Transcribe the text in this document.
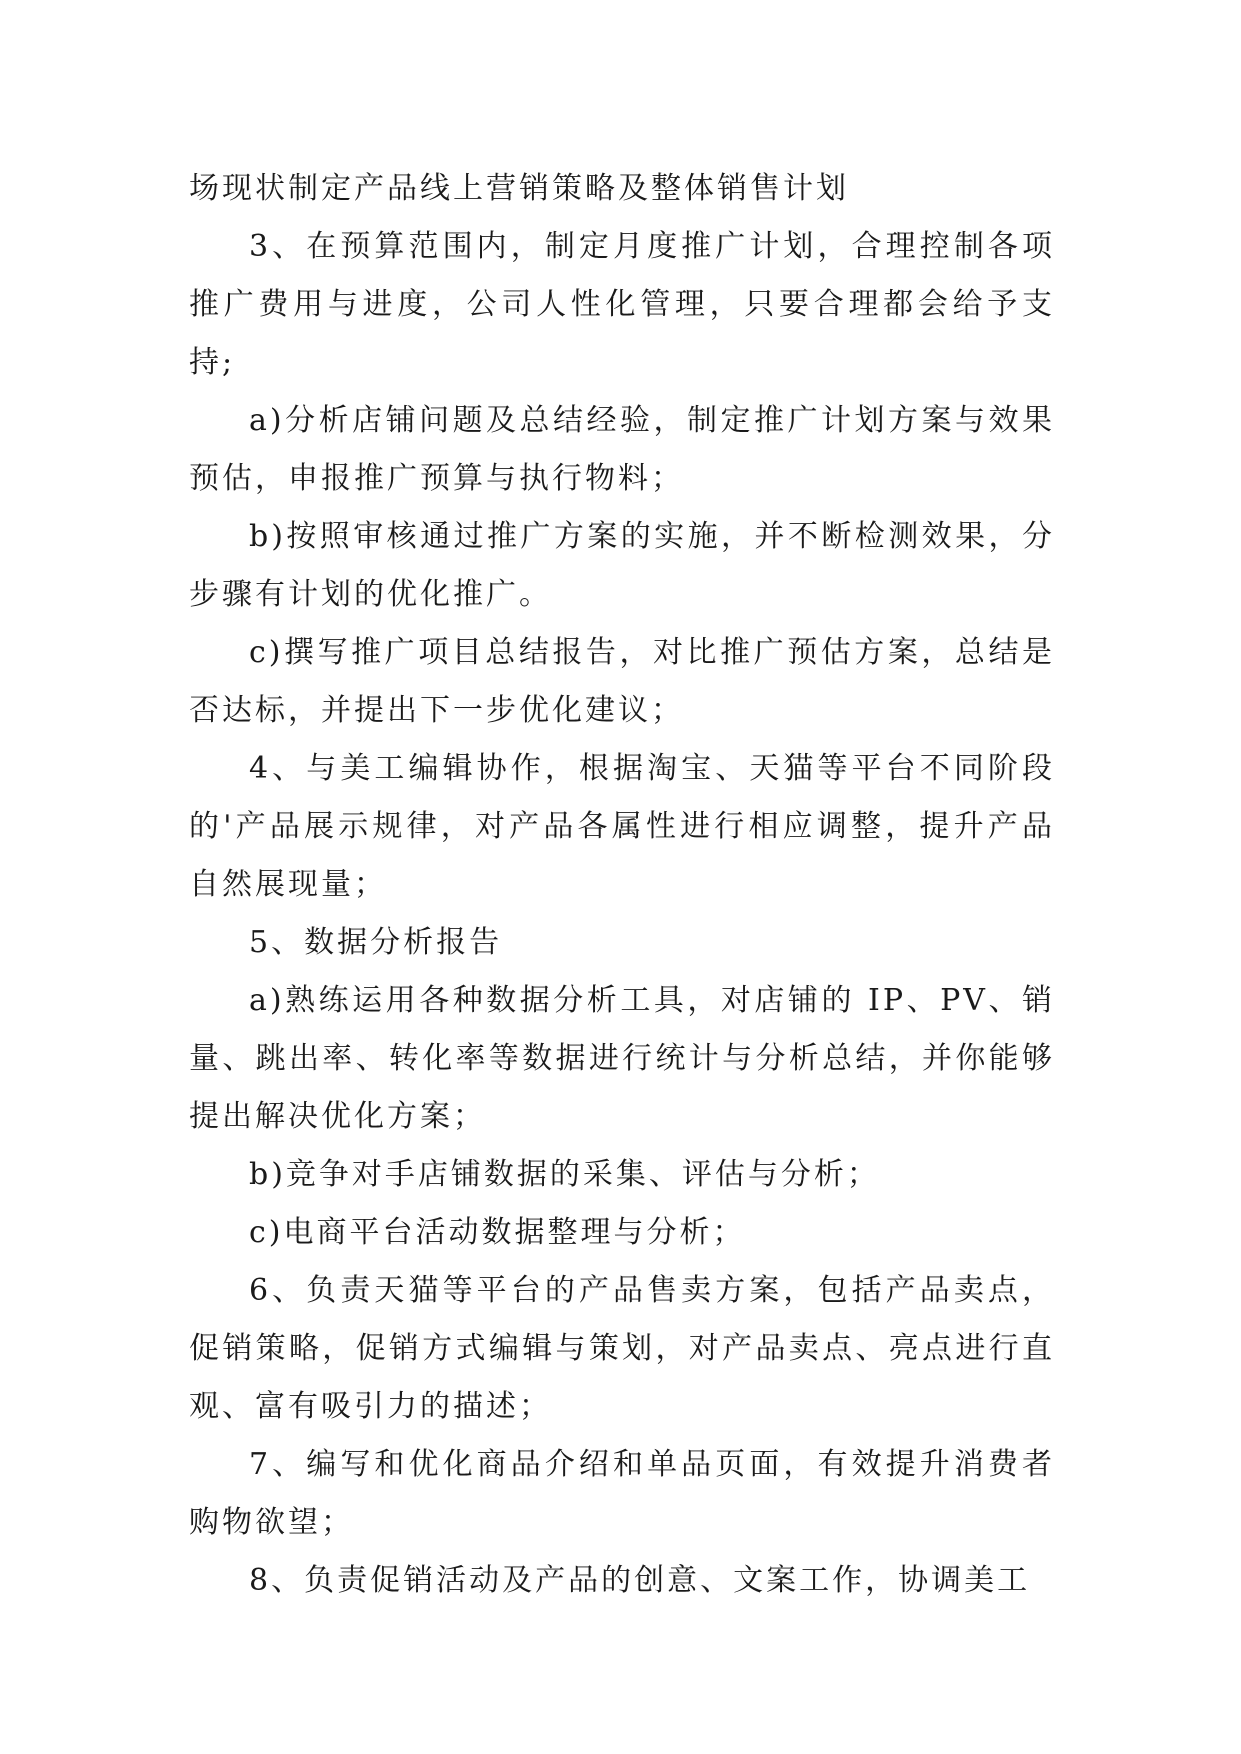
场现状制定产品线上营销策略及整体销售计划

3、在预算范围内，制定月度推广计划，合理控制各项推广费用与进度，公司人性化管理，只要合理都会给予支持;

a)分析店铺问题及总结经验，制定推广计划方案与效果预估，申报推广预算与执行物料；

b)按照审核通过推广方案的实施，并不断检测效果，分步骤有计划的优化推广。

c)撰写推广项目总结报告，对比推广预估方案，总结是否达标，并提出下一步优化建议；

4、与美工编辑协作，根据淘宝、天猫等平台不同阶段的'产品展示规律，对产品各属性进行相应调整，提升产品自然展现量；

5、数据分析报告

a)熟练运用各种数据分析工具，对店铺的 IP、PV、销量、跳出率、转化率等数据进行统计与分析总结，并你能够提出解决优化方案；

b)竞争对手店铺数据的采集、评估与分析；

c)电商平台活动数据整理与分析；

6、负责天猫等平台的产品售卖方案，包括产品卖点，促销策略，促销方式编辑与策划，对产品卖点、亮点进行直观、富有吸引力的描述；

7、编写和优化商品介绍和单品页面，有效提升消费者购物欲望；

8、负责促销活动及产品的创意、文案工作，协调美工
